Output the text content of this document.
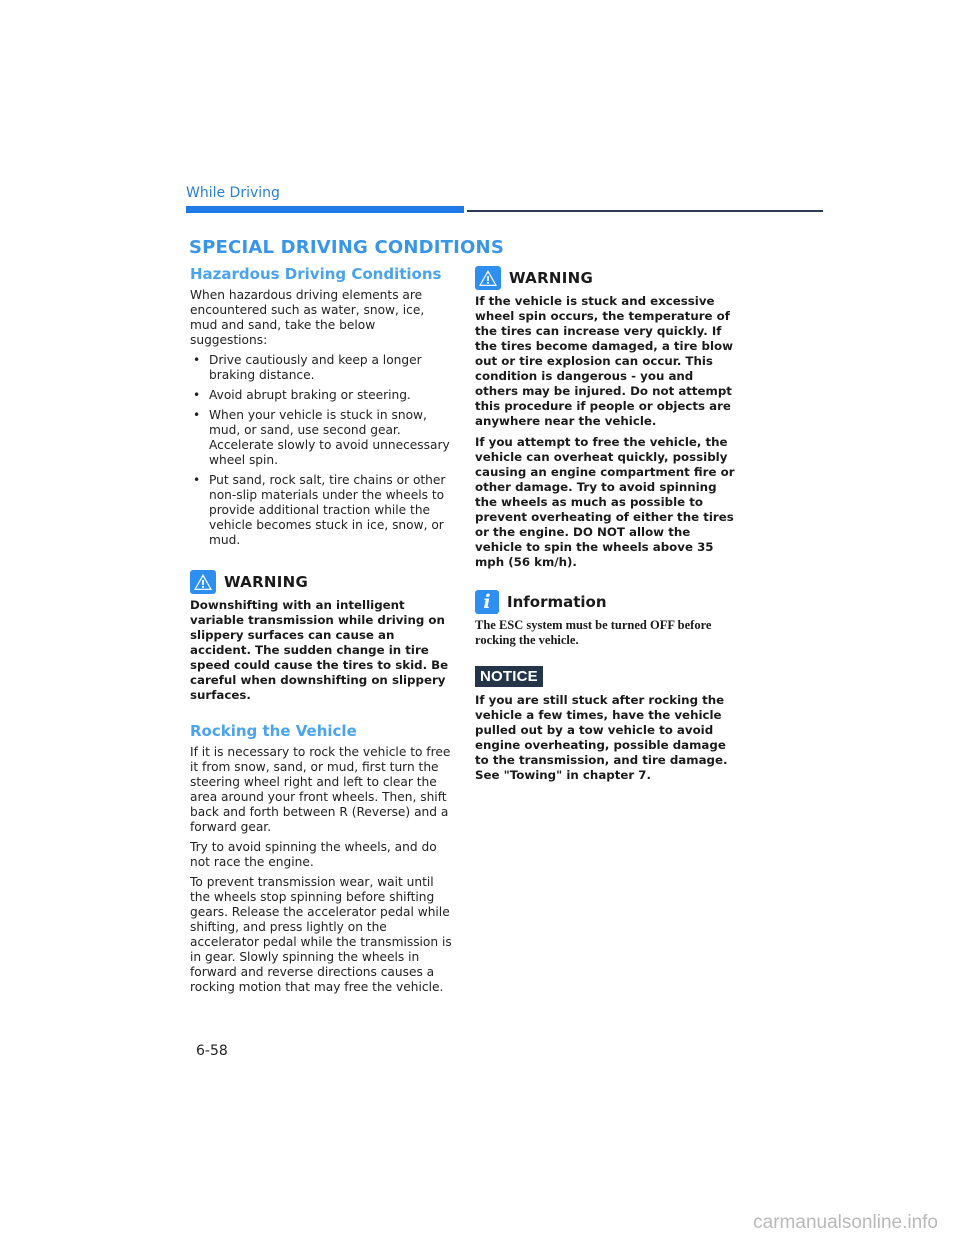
While Driving
SPECIAL DRIVING CONDITIONS
Hazardous Driving Conditions

When hazardous driving elements are encountered such as water, snow, ice, mud and sand, take the below suggestions:

• Drive cautiously and keep a longer braking distance.
• Avoid abrupt braking or steering.
• When your vehicle is stuck in snow, mud, or sand, use second gear. Accelerate slowly to avoid unnecessary wheel spin.
• Put sand, rock salt, tire chains or other non-slip materials under the wheels to provide additional traction while the vehicle becomes stuck in ice, snow, or mud.
WARNING

Downshifting with an intelligent variable transmission while driving on slippery surfaces can cause an accident. The sudden change in tire speed could cause the tires to skid. Be careful when downshifting on slippery surfaces.

Rocking the Vehicle

If it is necessary to rock the vehicle to free it from snow, sand, or mud, first turn the steering wheel right and left to clear the area around your front wheels. Then, shift back and forth between R (Reverse) and a forward gear.

Try to avoid spinning the wheels, and do not race the engine.

To prevent transmission wear, wait until the wheels stop spinning before shifting gears. Release the accelerator pedal while shifting, and press lightly on the accelerator pedal while the transmission is in gear. Slowly spinning the wheels in forward and reverse directions causes a rocking motion that may free the vehicle.

WARNING

If the vehicle is stuck and excessive wheel spin occurs, the temperature of the tires can increase very quickly. If the tires become damaged, a tire blow out or tire explosion can occur. This condition is dangerous - you and others may be injured. Do not attempt this procedure if people or objects are anywhere near the vehicle.

If you attempt to free the vehicle, the vehicle can overheat quickly, possibly causing an engine compartment fire or other damage. Try to avoid spinning the wheels as much as possible to prevent overheating of either the tires or the engine. DO NOT allow the vehicle to spin the wheels above 35 mph (56 km/h).

i	Information

The ESC system must be turned OFF before rocking the vehicle.

NOTICE

If you are still stuck after rocking the vehicle a few times, have the vehicle pulled out by a tow vehicle to avoid engine overheating, possible damage to the transmission, and tire damage. See "Towing" in chapter 7.

6-58
carmanualsonline.info
